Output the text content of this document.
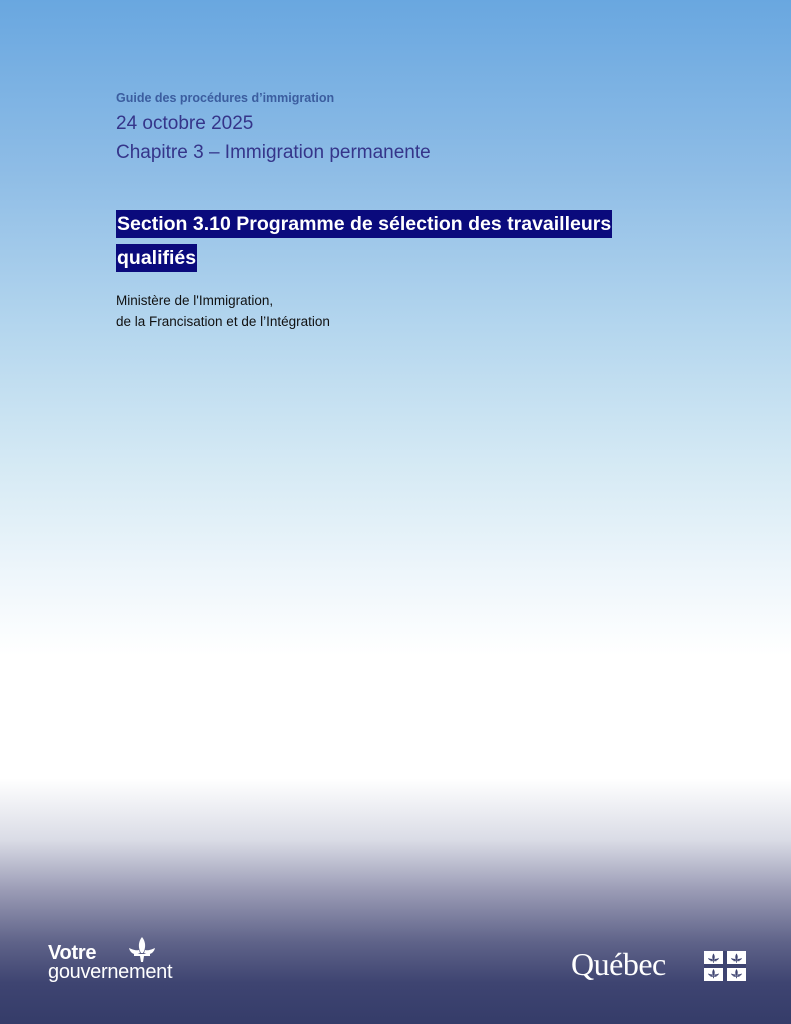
Guide des procédures d’immigration

24 octobre 2025

Chapitre 3 – Immigration permanente

Section 3.10 Programme de sélection des travailleurs qualifiés

Ministère de l'Immigration,
de la Francisation et de l’Intégration

Votre
gouvernement	Québec
